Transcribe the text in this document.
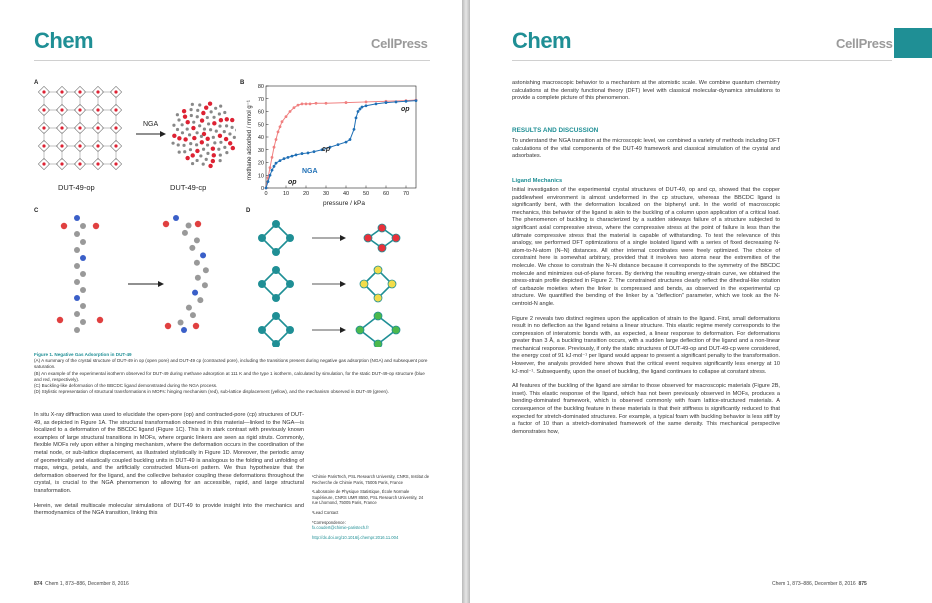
Chem	CellPress
A
NGA
DUT-49-op	DUT-49-cp
B
0
10
20
30
40
50
60
70
80
0	10	20	30	40	50	60	70
methane adsorbed / mmol g⁻¹
pressure / kPa
op
cp
NGA
op
C	D
Figure 1. Negative Gas Adsorption in DUT-49
(A) A summary of the crystal structure of DUT-49 in op (open pore) and DUT-49 cp (contracted pore), including the transitions present during negative gas adsorption (NGA) and subsequent pore saturation.
(B) An example of the experimental isotherm observed for DUT-49 during methane adsorption at 111 K and the type 1 isotherm, calculated by simulation, for the static DUT-49-op structure (blue and red, respectively).
(C) Buckling-like deformation of the BBCDC ligand demonstrated during the NGA process.
(D) Stylistic representation of structural transformations in MOFs: hinging mechanism (red), sub-lattice displacement (yellow), and the mechanism observed in DUT-49 (green).

In situ X-ray diffraction was used to elucidate the open-pore (op) and contracted-pore (cp) structures of DUT-49, as depicted in Figure 1A. The structural transformation observed in this material—linked to the NGA—is localized to a deformation of the BBCDC ligand (Figure 1C). This is in stark contrast with previously known examples of large structural transitions in MOFs, where organic linkers are seen as rigid struts. Commonly, flexible MOFs rely upon either a hinging mechanism, where the deformation occurs in the coordination of the metal node, or sub-lattice displacement, as illustrated stylistically in Figure 1D. Moreover, the periodic array of geometrically and elastically coupled buckling units in DUT-49 is analogous to the folding and unfolding of maps, wings, petals, and the artificially constructed Miura-ori pattern. We thus hypothesize that the deformation observed for the ligand, and the collective behavior coupling these deformations throughout the crystal, is crucial to the NGA phenomenon to allowing for an accessible, rapid, and large structural transformation.

Herein, we detail multiscale molecular simulations of DUT-49 to provide insight into the mechanics and thermodynamics of the NGA transition, linking this

¹Chimie ParisTech, PSL Research University, CNRS, Institut de Recherche de Chimie Paris, 75005 Paris, France
²Laboratoire de Physique Statistique, École Normale Supérieure, CNRS UMR 8550, PSL Research University, 24 rue Lhomond, 75005 Paris, France
³Lead Contact
*Correspondence:
fx.coudert@chimie-paristech.fr
http://dx.doi.org/10.1016/j.chempr.2016.11.004
874 Chem 1, 873–886, December 8, 2016
Chem	CellPress
astonishing macroscopic behavior to a mechanism at the atomistic scale. We combine quantum chemistry calculations at the density functional theory (DFT) level with classical molecular-dynamics simulations to provide a complete picture of this phenomenon.
RESULTS AND DISCUSSION
To understand the NGA transition at the microscopic level, we combined a variety of methods including DFT calculations of the vital components of the DUT-49 framework and classical simulation of the crystal and adsorbates.
Ligand Mechanics

Initial investigation of the experimental crystal structures of DUT-49, op and cp, showed that the copper paddlewheel environment is almost undeformed in the cp structure, whereas the BBCDC ligand is significantly bent, with the deformation localized on the biphenyl unit. In the world of macroscopic mechanics, this behavior of the ligand is akin to the buckling of a column upon application of a critical load. The phenomenon of buckling is characterized by a sudden sideways failure of a structure subjected to significant axial compressive stress, where the compressive stress at the point of failure is less than the ultimate compressive stress that the material is capable of withstanding. To test the relevance of this analogy, we performed DFT optimizations of a single isolated ligand with a series of fixed decreasing N-atom-to-N-atom (N–N) distances. All other internal coordinates were freely optimized. The choice of constraint here is somewhat arbitrary, provided that it involves two atoms near the extremities of the molecule. We chose to constrain the N–N distance because it corresponds to the symmetry of the BBCDC molecule and minimizes out-of-plane forces. By deriving the resulting energy-strain curve, we obtained the stress-strain profile depicted in Figure 2. The constrained structures clearly reflect the dihedral-like rotation of carbazole moieties when the linker is compressed and bends, as observed in the experimental cp structure. We quantified the bending of the linker by a “deflection” parameter, which we took as the N-centroid-N angle.

Figure 2 reveals two distinct regimes upon the application of strain to the ligand. First, small deformations result in no deflection as the ligand retains a linear structure. This elastic regime merely corresponds to the compression of interatomic bonds with, as expected, a linear response to deformation. For deformations greater than 3 Å, a buckling transition occurs, with a sudden large deflection of the ligand and a non-linear mechanical response. Previously, if only the static structures of DUT-49-op and DUT-49-cp were considered, the energy cost of 91 kJ·mol⁻¹ per ligand would appear to present a significant penalty to the transformation. However, the analysis provided here shows that the critical event requires significantly less energy at 10 kJ·mol⁻¹. Subsequently, upon the onset of buckling, the ligand continues to collapse at constant stress.

All features of the buckling of the ligand are similar to those observed for macroscopic materials (Figure 2B, inset). This elastic response of the ligand, which has not been previously observed in MOFs, produces a bending-dominated framework, which is observed commonly with foam lattice-structured materials. A consequence of the buckling feature in these materials is that their stiffness is significantly reduced to that expected for stretch-dominated structures. For example, a typical foam with buckling behavior is less stiff by a factor of 10 than a stretch-dominated framework of the same density. This mechanical perspective demonstrates how,

Chem 1, 873–886, December 8, 2016 875
